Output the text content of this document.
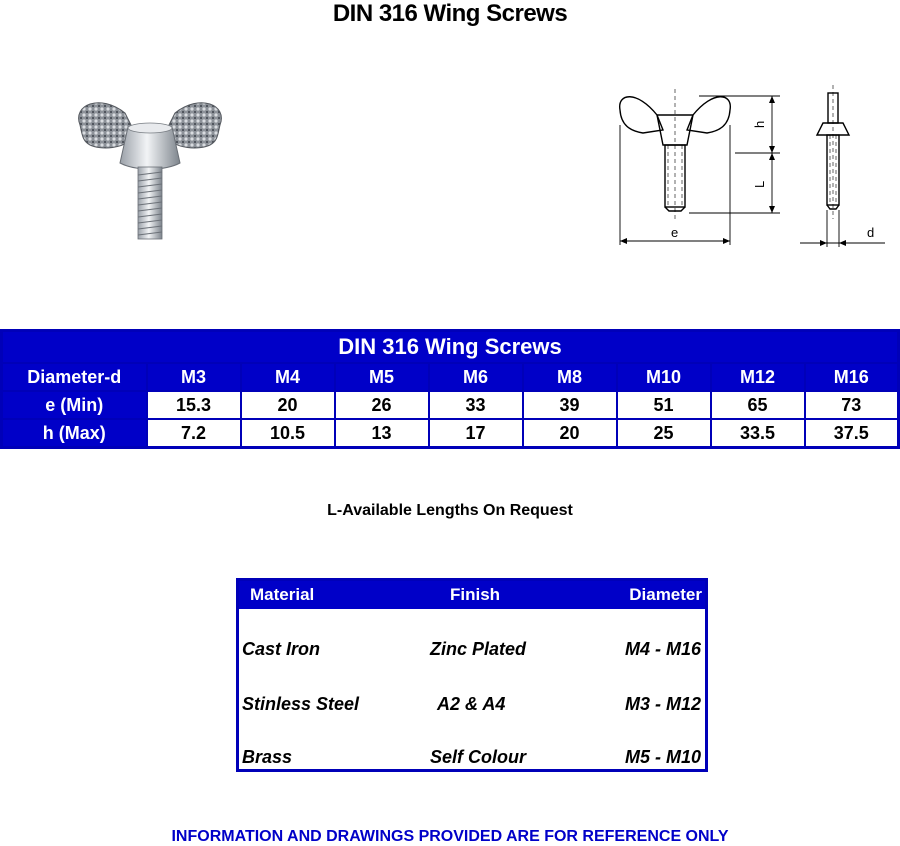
DIN 316 Wing Screws
h
L
e	d
DIN 316 Wing Screws								
Diameter-d	M3	M4	M5	M6	M8	M10	M12	M16
e (Min)	15.3	20	26	33	39	51	65	73
h (Max)	7.2	10.5	13	17	20	25	33.5	37.5
L-Available Lengths On Request
Material	Finish	Diameter
Cast Iron	Zinc Plated	M4 - M16
Stinless Steel	A2 & A4	M3 - M12
Brass	Self Colour	M5 - M10
INFORMATION AND DRAWINGS PROVIDED ARE FOR REFERENCE ONLY
